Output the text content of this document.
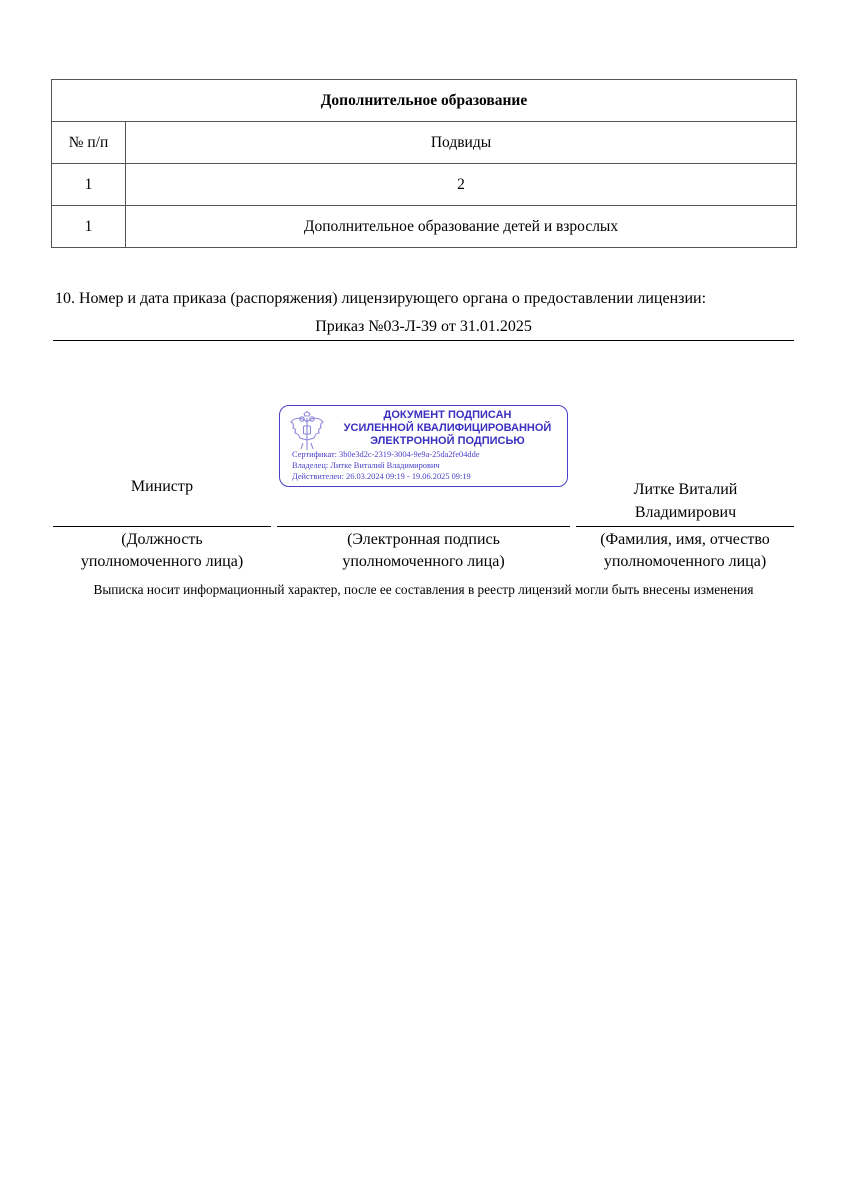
Дополнительное образование	
№ п/п	Подвиды
1	2
1	Дополнительное образование детей и взрослых
10. Номер и дата приказа (распоряжения) лицензирующего органа о предоставлении лицензии:
Приказ №03-Л-39 от 31.01.2025
ДОКУМЕНТ ПОДПИСАН
УСИЛЕННОЙ КВАЛИФИЦИРОВАННОЙ
ЭЛЕКТРОННОЙ ПОДПИСЬЮ
Сертификат: 3b0e3d2c-2319-3004-9e9a-25da2fe04dde
Владелец: Литке Виталий Владимирович
Действителен: 26.03.2024 09:19 - 19.06.2025 09:19
Министр	Литке Виталий
Владимирович
(Должность
уполномоченного лица)
(Электронная подпись
уполномоченного лица)
(Фамилия, имя, отчество
уполномоченного лица)
Выписка носит информационный характер, после ее составления в реестр лицензий могли быть внесены изменения
